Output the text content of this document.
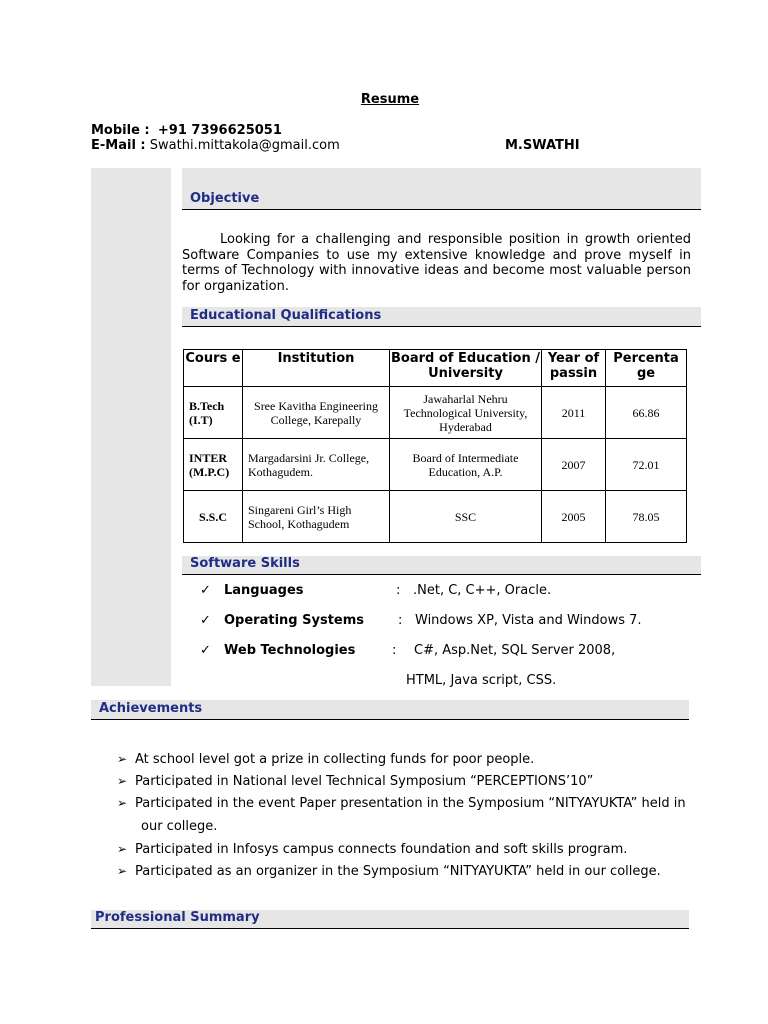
Resume
Mobile : +91 7396625051
E-Mail : Swathi.mittakola@gmail.com	M.SWATHI
Objective
Looking for a challenging and responsible position in growth oriented Software Companies to use my extensive knowledge and prove myself in terms of Technology with innovative ideas and become most valuable person for organization.
Educational Qualifications
Cours e	Institution	Board of Education / University	Year of passin	Percenta ge
B.Tech (I.T)	Sree Kavitha Engineering College, Karepally	Jawaharlal Nehru Technological University, Hyderabad	2011	66.86
INTER (M.P.C)	Margadarsini Jr. College, Kothagudem.	Board of Intermediate Education, A.P.	2007	72.01
S.S.C	Singareni Girl’s High School, Kothagudem	SSC	2005	78.05
Software Skills
✓ Languages	: .Net, C, C++, Oracle.
✓ Operating Systems	: Windows XP, Vista and Windows 7.
✓ Web Technologies	: C#, Asp.Net, SQL Server 2008,
HTML, Java script, CSS.
Achievements
➢ At school level got a prize in collecting funds for poor people.
➢ Participated in National level Technical Symposium “PERCEPTIONS’10”
➢ Participated in the event Paper presentation in the Symposium “NITYAYUKTA” held in
our college.
➢ Participated in Infosys campus connects foundation and soft skills program.
➢ Participated as an organizer in the Symposium “NITYAYUKTA” held in our college.
Professional Summary
